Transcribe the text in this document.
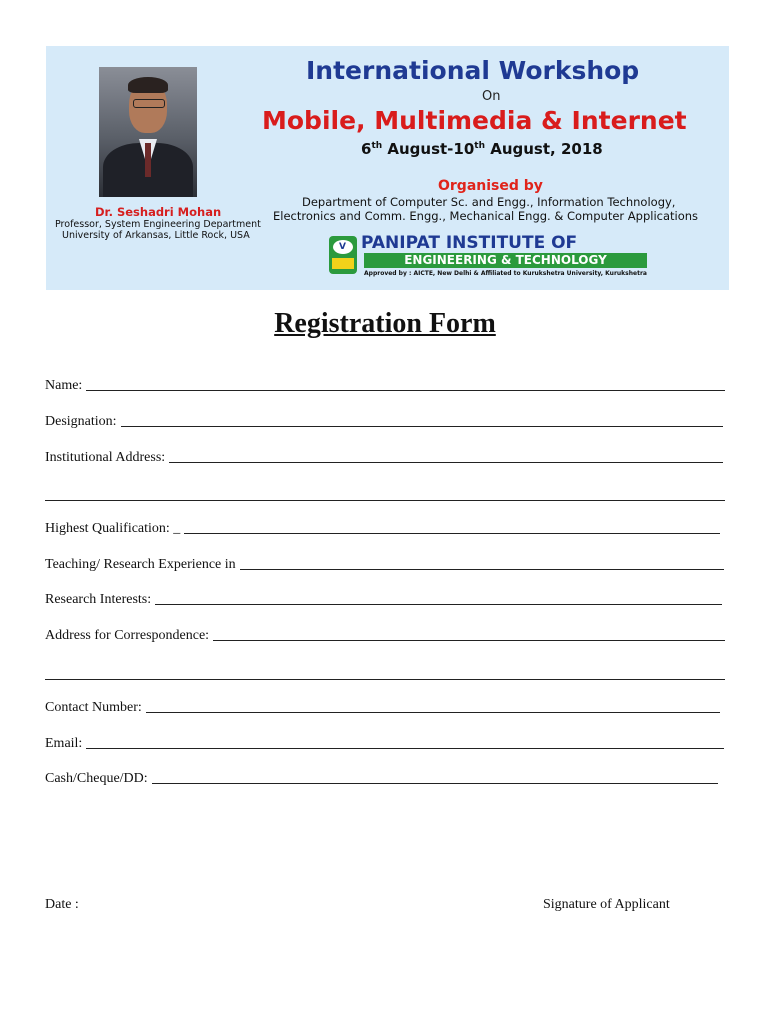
International Workshop
On
Mobile, Multimedia & Internet
6th August-10th August, 2018
Organised by
Department of Computer Sc. and Engg., Information Technology,
Electronics and Comm. Engg., Mechanical Engg. & Computer Applications
Dr. Seshadri Mohan
Professor, System Engineering Department
University of Arkansas, Little Rock, USA
V PANIPAT INSTITUTE OF
ENGINEERING & TECHNOLOGY
Approved by : AICTE, New Delhi & Affiliated to Kurukshetra University, Kurukshetra
Registration Form
Name:
Designation:
Institutional Address:
Highest Qualification: _
Teaching/ Research Experience in
Research Interests:
Address for Correspondence:
Contact Number:
Email:
Cash/Cheque/DD:
Date :	Signature of Applicant
